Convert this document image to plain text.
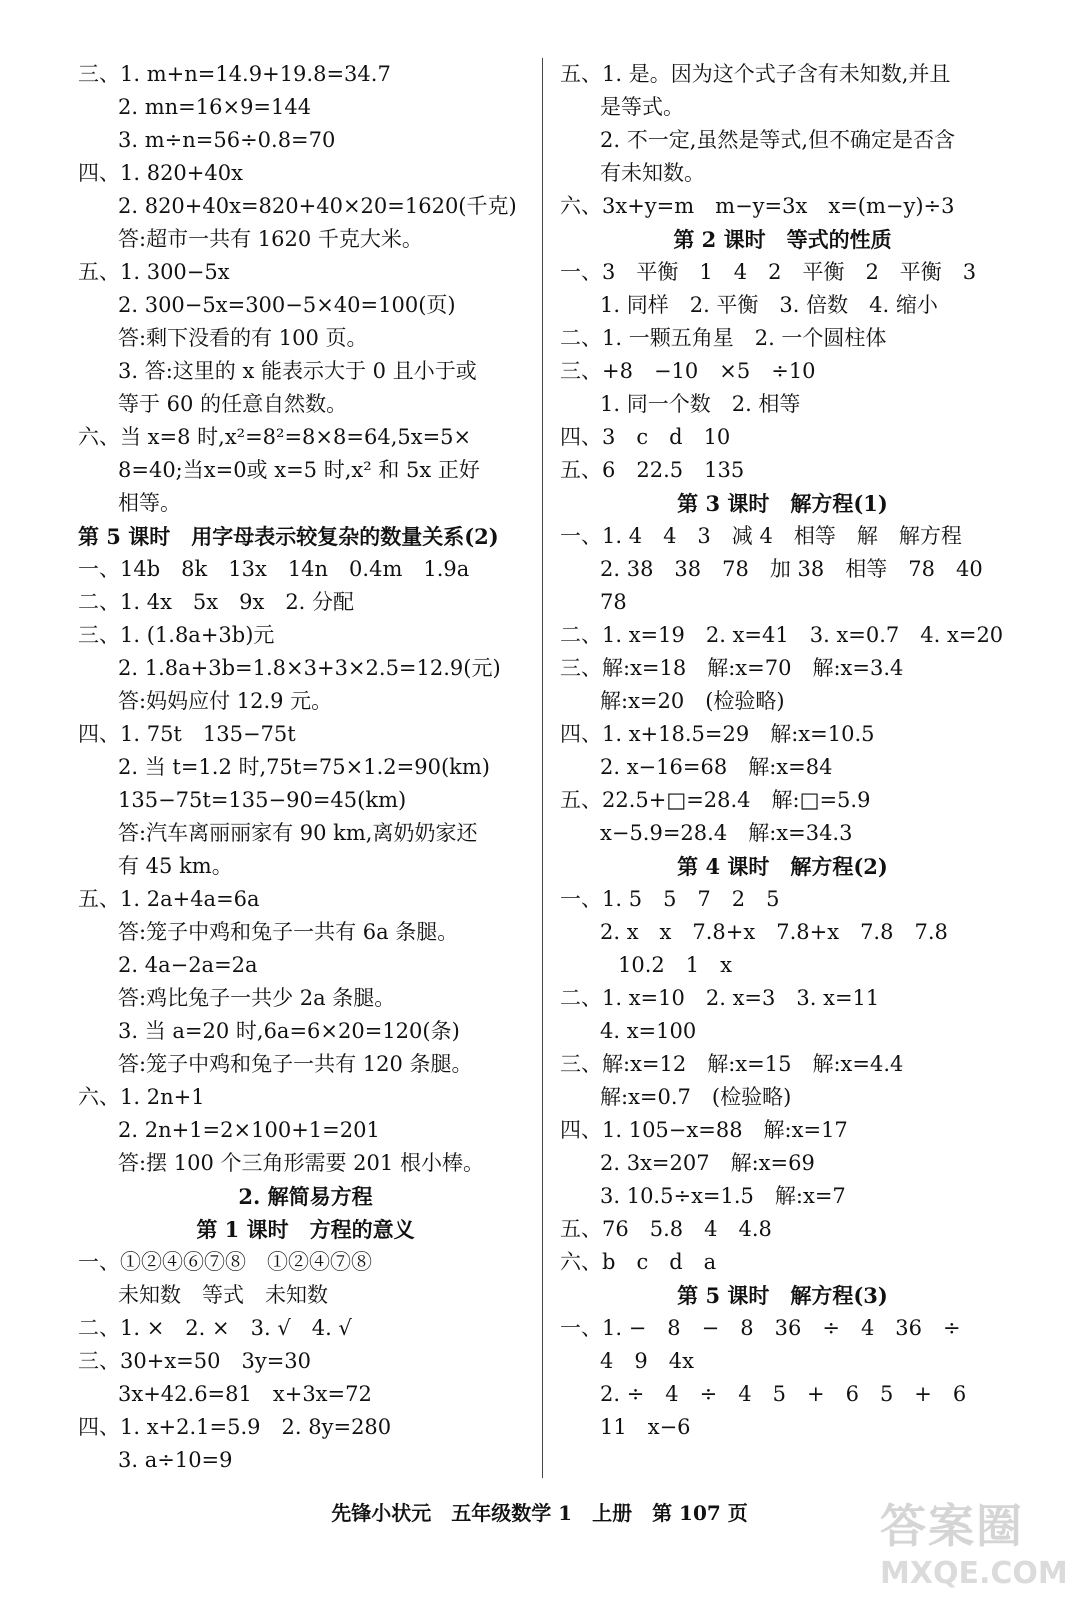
三、1. m+n=14.9+19.8=34.7
2. mn=16×9=144
3. m÷n=56÷0.8=70
四、1. 820+40x
2. 820+40x=820+40×20=1620(千克)
答:超市一共有 1620 千克大米。
五、1. 300−5x
2. 300−5x=300−5×40=100(页)
答:剩下没看的有 100 页。
3. 答:这里的 x 能表示大于 0 且小于或
等于 60 的任意自然数。
六、当 x=8 时,x²=8²=8×8=64,5x=5×
8=40;当x=0或 x=5 时,x² 和 5x 正好
相等。
第 5 课时　用字母表示较复杂的数量关系(2)
一、14b　8k　13x　14n　0.4m　1.9a
二、1. 4x　5x　9x　2. 分配
三、1. (1.8a+3b)元
2. 1.8a+3b=1.8×3+3×2.5=12.9(元)
答:妈妈应付 12.9 元。
四、1. 75t　135−75t
2. 当 t=1.2 时,75t=75×1.2=90(km)
135−75t=135−90=45(km)
答:汽车离丽丽家有 90 km,离奶奶家还
有 45 km。
五、1. 2a+4a=6a
答:笼子中鸡和兔子一共有 6a 条腿。
2. 4a−2a=2a
答:鸡比兔子一共少 2a 条腿。
3. 当 a=20 时,6a=6×20=120(条)
答:笼子中鸡和兔子一共有 120 条腿。
六、1. 2n+1
2. 2n+1=2×100+1=201
答:摆 100 个三角形需要 201 根小棒。
2. 解简易方程
第 1 课时　方程的意义
一、①②④⑥⑦⑧　①②④⑦⑧
未知数　等式　未知数
二、1. ×　2. ×　3. √　4. √
三、30+x=50　3y=30
3x+42.6=81　x+3x=72
四、1. x+2.1=5.9　2. 8y=280
3. a÷10=9
五、1. 是。因为这个式子含有未知数,并且
是等式。
2. 不一定,虽然是等式,但不确定是否含
有未知数。
六、3x+y=m　m−y=3x　x=(m−y)÷3
第 2 课时　等式的性质
一、3　平衡　1　4　2　平衡　2　平衡　3
1. 同样　2. 平衡　3. 倍数　4. 缩小
二、1. 一颗五角星　2. 一个圆柱体
三、+8　−10　×5　÷10
1. 同一个数　2. 相等
四、3　c　d　10
五、6　22.5　135
第 3 课时　解方程(1)
一、1. 4　4　3　减 4　相等　解　解方程
2. 38　38　78　加 38　相等　78　40
78
二、1. x=19　2. x=41　3. x=0.7　4. x=20
三、解:x=18　解:x=70　解:x=3.4
解:x=20　(检验略)
四、1. x+18.5=29　解:x=10.5
2. x−16=68　解:x=84
五、22.5+□=28.4　解:□=5.9
x−5.9=28.4　解:x=34.3
第 4 课时　解方程(2)
一、1. 5　5　7　2　5
2. x　x　7.8+x　7.8+x　7.8　7.8
10.2　1　x
二、1. x=10　2. x=3　3. x=11
4. x=100
三、解:x=12　解:x=15　解:x=4.4
解:x=0.7　(检验略)
四、1. 105−x=88　解:x=17
2. 3x=207　解:x=69
3. 10.5÷x=1.5　解:x=7
五、76　5.8　4　4.8
六、b　c　d　a
第 5 课时　解方程(3)
一、1. −　8　−　8　36　÷　4　36　÷
4　9　4x
2. ÷　4　÷　4　5　+　6　5　+　6
11　x−6
先锋小状元　五年级数学 1　上册　第 107 页	答案圈
MXQE.COM
